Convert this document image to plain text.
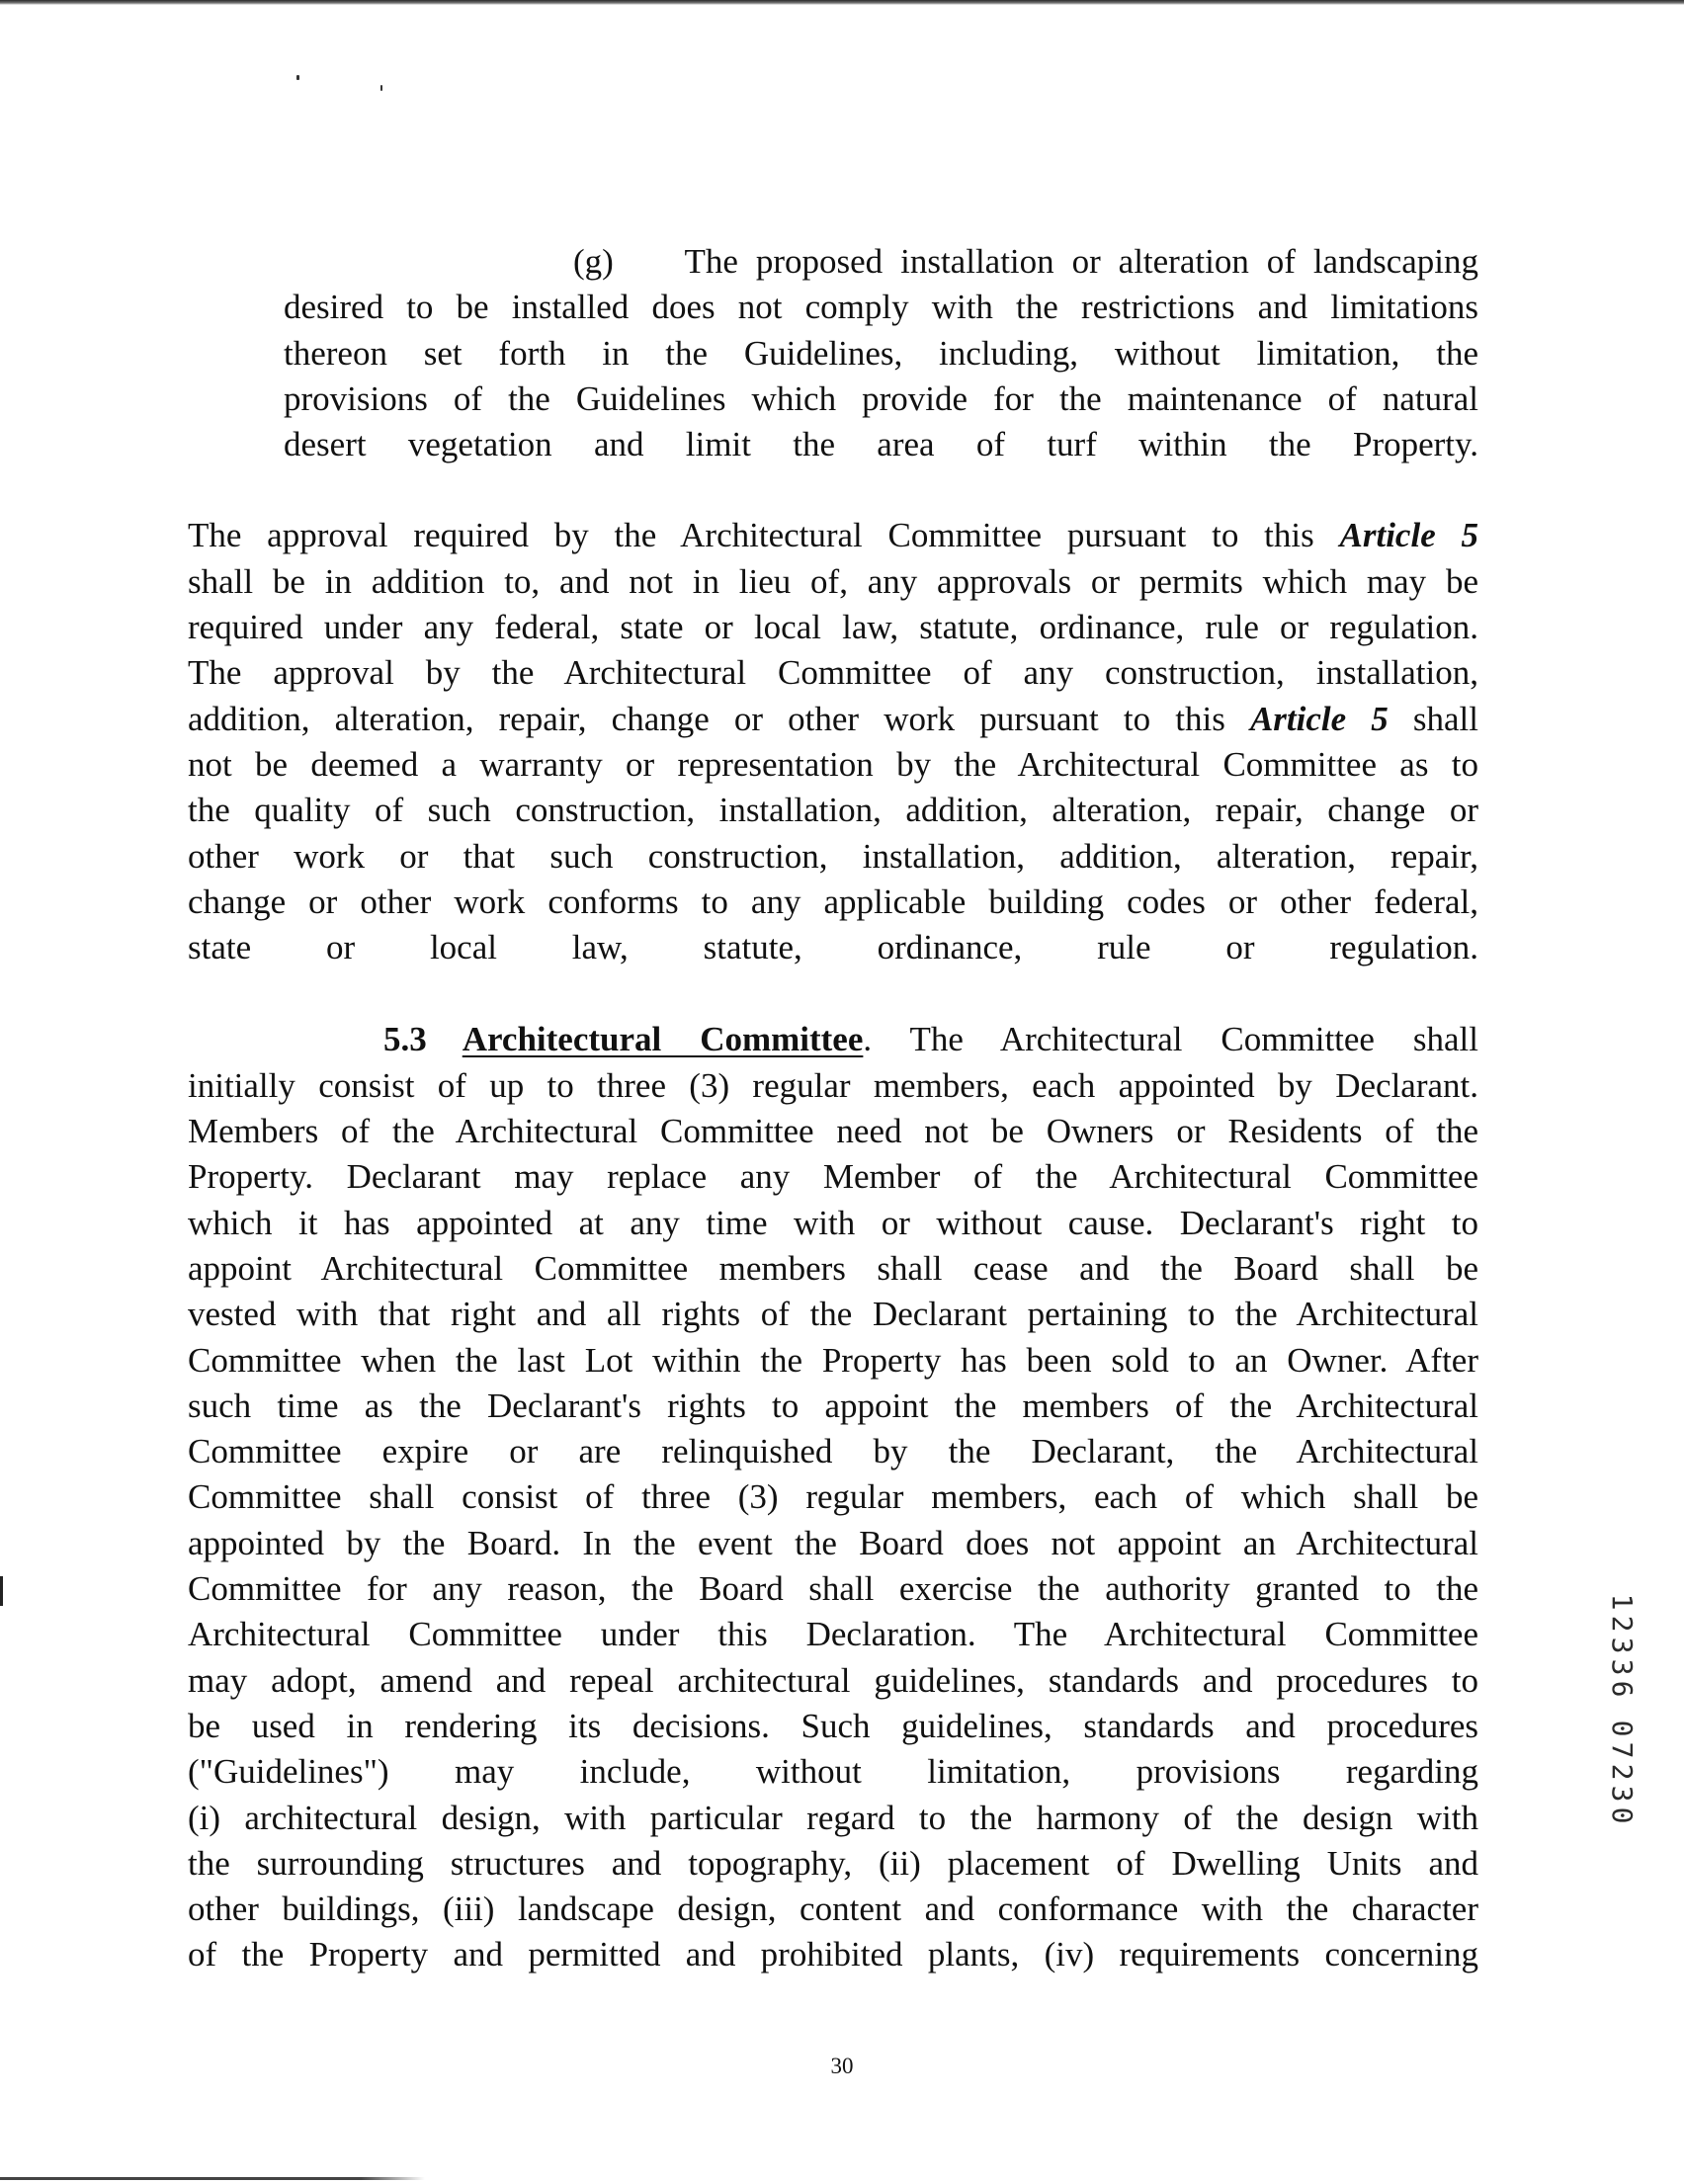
(g) The proposed installation or alteration of landscaping
desired to be installed does not comply with the restrictions and limitations
thereon set forth in the Guidelines, including, without limitation, the
provisions of the Guidelines which provide for the maintenance of natural
desert vegetation and limit the area of turf within the Property.
The approval required by the Architectural Committee pursuant to this Article 5
shall be in addition to, and not in lieu of, any approvals or permits which may be
required under any federal, state or local law, statute, ordinance, rule or regulation.
The approval by the Architectural Committee of any construction, installation,
addition, alteration, repair, change or other work pursuant to this Article 5 shall
not be deemed a warranty or representation by the Architectural Committee as to
the quality of such construction, installation, addition, alteration, repair, change or
other work or that such construction, installation, addition, alteration, repair,
change or other work conforms to any applicable building codes or other federal,
state or local law, statute, ordinance, rule or regulation.
5.3 Architectural Committee. The Architectural Committee shall
initially consist of up to three (3) regular members, each appointed by Declarant.
Members of the Architectural Committee need not be Owners or Residents of the
Property. Declarant may replace any Member of the Architectural Committee
which it has appointed at any time with or without cause. Declarant's right to
appoint Architectural Committee members shall cease and the Board shall be
vested with that right and all rights of the Declarant pertaining to the Architectural
Committee when the last Lot within the Property has been sold to an Owner. After
such time as the Declarant's rights to appoint the members of the Architectural
Committee expire or are relinquished by the Declarant, the Architectural
Committee shall consist of three (3) regular members, each of which shall be
appointed by the Board. In the event the Board does not appoint an Architectural
Committee for any reason, the Board shall exercise the authority granted to the
Architectural Committee under this Declaration. The Architectural Committee
may adopt, amend and repeal architectural guidelines, standards and procedures to
be used in rendering its decisions. Such guidelines, standards and procedures
("Guidelines") may include, without limitation, provisions regarding
(i) architectural design, with particular regard to the harmony of the design with
the surrounding structures and topography, (ii) placement of Dwelling Units and
other buildings, (iii) landscape design, content and conformance with the character
of the Property and permitted and prohibited plants, (iv) requirements concerning
30
1
2
3
3
6
0
7
2
3
0
